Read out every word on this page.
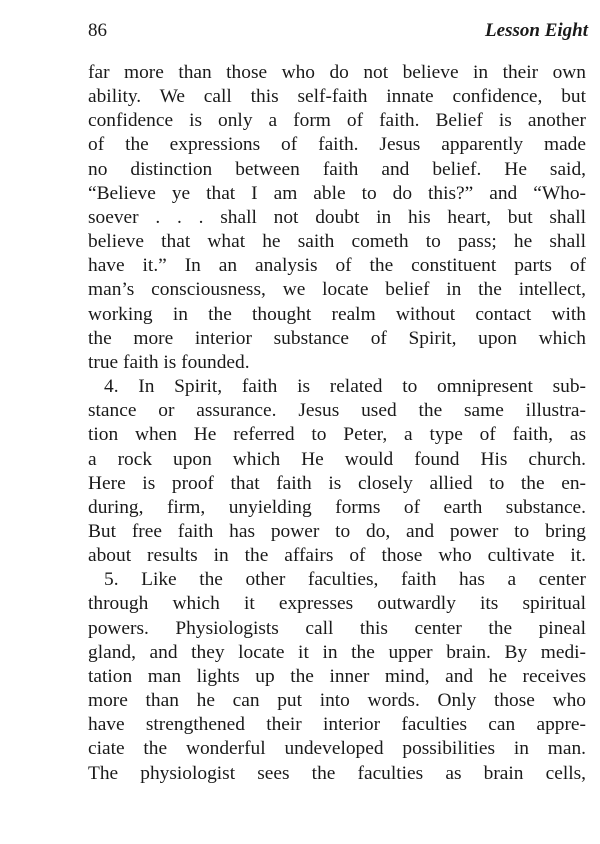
86	Lesson Eight
far more than those who do not believe in their own
ability. We call this self-faith innate confidence, but
confidence is only a form of faith. Belief is another
of the expressions of faith. Jesus apparently made
no distinction between faith and belief. He said,
“Believe ye that I am able to do this?” and “Who-
soever . . . shall not doubt in his heart, but shall
believe that what he saith cometh to pass; he shall
have it.” In an analysis of the constituent parts of
man’s consciousness, we locate belief in the intellect,
working in the thought realm without contact with
the more interior substance of Spirit, upon which
true faith is founded.
4. In Spirit, faith is related to omnipresent sub-
stance or assurance. Jesus used the same illustra-
tion when He referred to Peter, a type of faith, as
a rock upon which He would found His church.
Here is proof that faith is closely allied to the en-
during, firm, unyielding forms of earth substance.
But free faith has power to do, and power to bring
about results in the affairs of those who cultivate it.
5. Like the other faculties, faith has a center
through which it expresses outwardly its spiritual
powers. Physiologists call this center the pineal
gland, and they locate it in the upper brain. By medi-
tation man lights up the inner mind, and he receives
more than he can put into words. Only those who
have strengthened their interior faculties can appre-
ciate the wonderful undeveloped possibilities in man.
The physiologist sees the faculties as brain cells,
